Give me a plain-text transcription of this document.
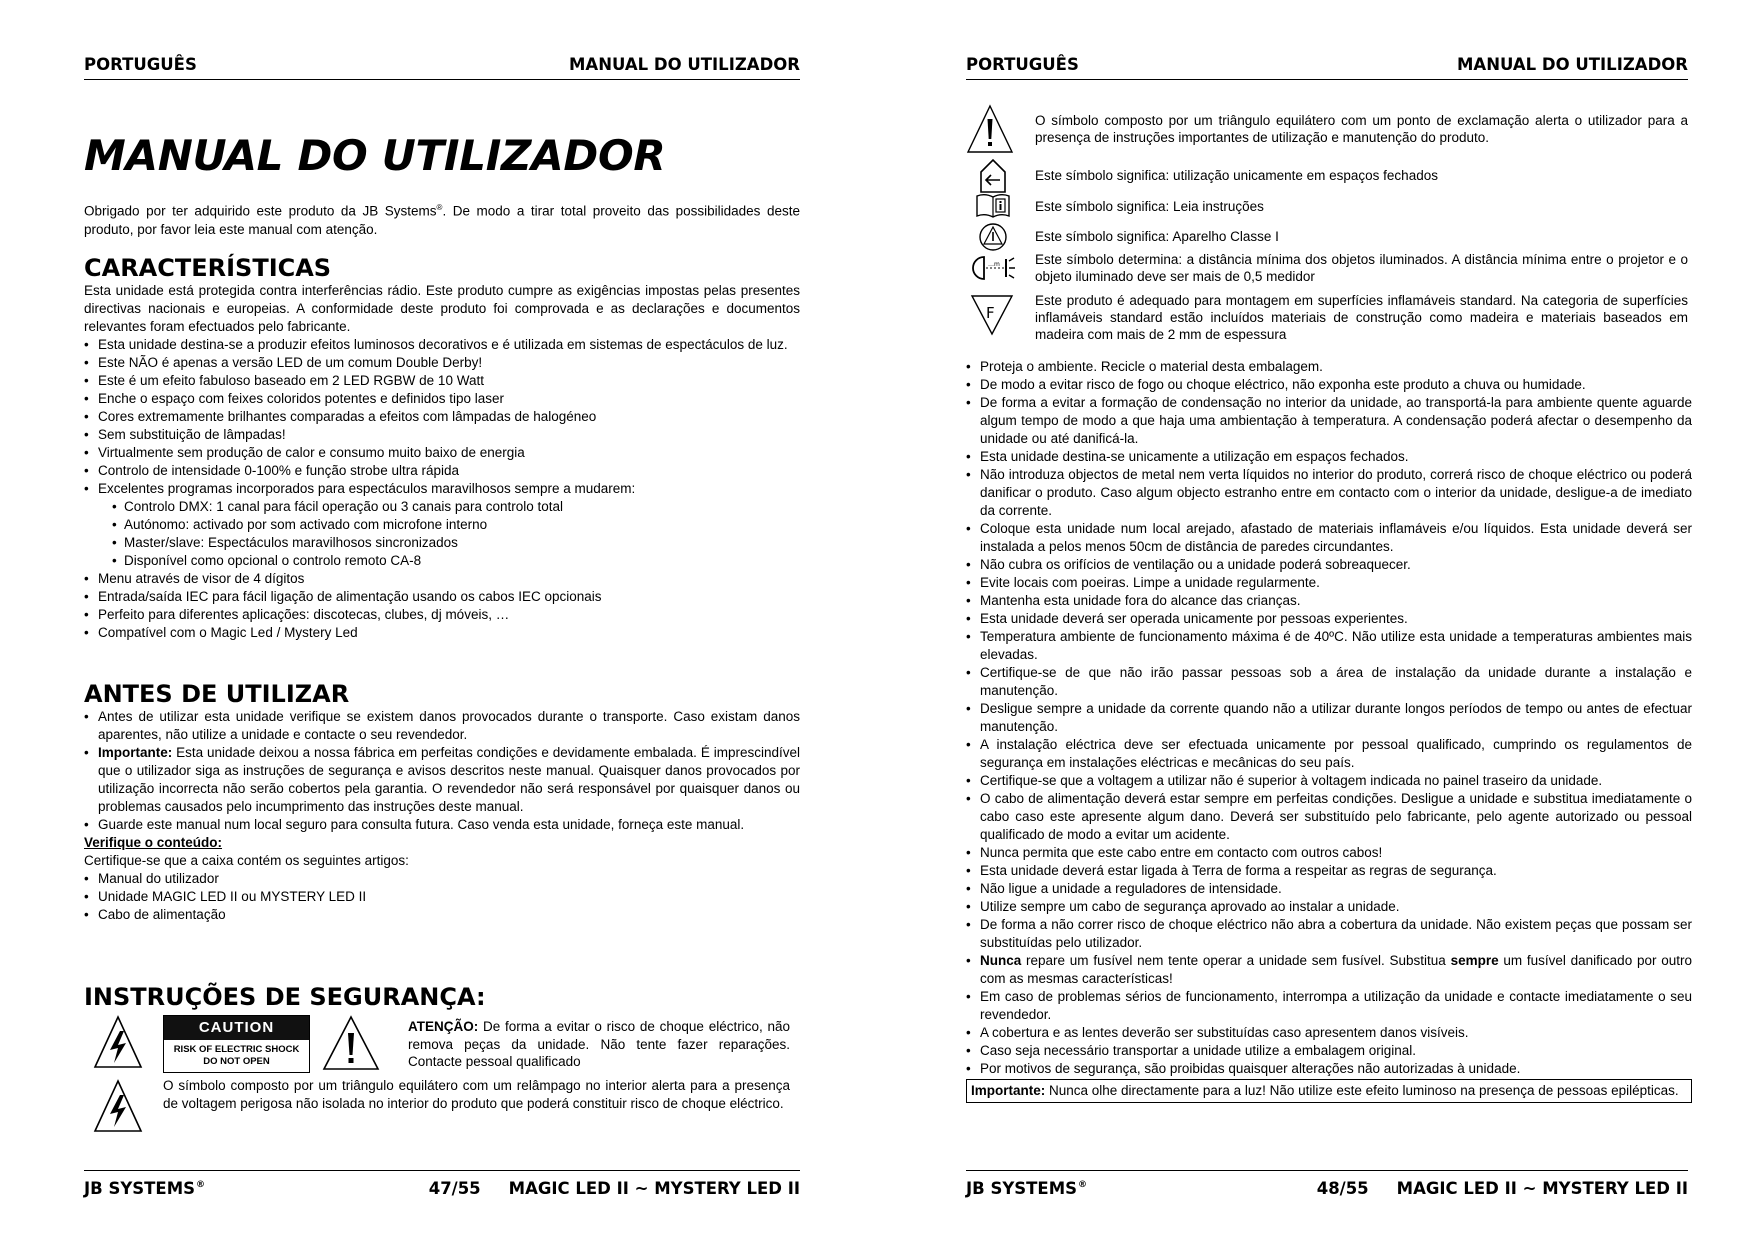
PORTUGUÊS	MANUAL DO UTILIZADOR
MANUAL DO UTILIZADOR
Obrigado por ter adquirido este produto da JB Systems®. De modo a tirar total proveito das possibilidades deste produto, por favor leia este manual com atenção.
CARACTERÍSTICAS
Esta unidade está protegida contra interferências rádio. Este produto cumpre as exigências impostas pelas presentes directivas nacionais e europeias. A conformidade deste produto foi comprovada e as declarações e documentos relevantes foram efectuados pelo fabricante.
• Esta unidade destina-se a produzir efeitos luminosos decorativos e é utilizada em sistemas de espectáculos de luz.
• Este NÃO é apenas a versão LED de um comum Double Derby!
• Este é um efeito fabuloso baseado em 2 LED RGBW de 10 Watt
• Enche o espaço com feixes coloridos potentes e definidos tipo laser
• Cores extremamente brilhantes comparadas a efeitos com lâmpadas de halogéneo
• Sem substituição de lâmpadas!
• Virtualmente sem produção de calor e consumo muito baixo de energia
• Controlo de intensidade 0-100% e função strobe ultra rápida
• Excelentes programas incorporados para espectáculos maravilhosos sempre a mudarem:
• Controlo DMX: 1 canal para fácil operação ou 3 canais para controlo total
• Autónomo: activado por som activado com microfone interno
• Master/slave: Espectáculos maravilhosos sincronizados
• Disponível como opcional o controlo remoto CA-8
• Menu através de visor de 4 dígitos
• Entrada/saída IEC para fácil ligação de alimentação usando os cabos IEC opcionais
• Perfeito para diferentes aplicações: discotecas, clubes, dj móveis, …
• Compatível com o Magic Led / Mystery Led
ANTES DE UTILIZAR
• Antes de utilizar esta unidade verifique se existem danos provocados durante o transporte. Caso existam danos aparentes, não utilize a unidade e contacte o seu revendedor.
• Importante: Esta unidade deixou a nossa fábrica em perfeitas condições e devidamente embalada. É imprescindível que o utilizador siga as instruções de segurança e avisos descritos neste manual. Quaisquer danos provocados por utilização incorrecta não serão cobertos pela garantia. O revendedor não será responsável por quaisquer danos ou problemas causados pelo incumprimento das instruções deste manual.
• Guarde este manual num local seguro para consulta futura. Caso venda esta unidade, forneça este manual.
Verifique o conteúdo:
Certifique-se que a caixa contém os seguintes artigos:
• Manual do utilizador
• Unidade MAGIC LED II ou MYSTERY LED II
• Cabo de alimentação
INSTRUÇÕES DE SEGURANÇA:
CAUTION
RISK OF ELECTRIC SHOCK
DO NOT OPEN
ATENÇÃO: De forma a evitar o risco de choque eléctrico, não remova peças da unidade. Não tente fazer reparações. Contacte pessoal qualificado
O símbolo composto por um triângulo equilátero com um relâmpago no interior alerta para a presença de voltagem perigosa não isolada no interior do produto que poderá constituir risco de choque eléctrico.
JB SYSTEMS®	47/55 MAGIC LED II ~ MYSTERY LED II
PORTUGUÊS	MANUAL DO UTILIZADOR
O símbolo composto por um triângulo equilátero com um ponto de exclamação alerta o utilizador para a presença de instruções importantes de utilização e manutenção do produto.
Este símbolo significa: utilização unicamente em espaços fechados
Este símbolo significa: Leia instruções
Este símbolo significa: Aparelho Classe I
…m	Este símbolo determina: a distância mínima dos objetos iluminados. A distância mínima entre o projetor e o objeto iluminado deve ser mais de 0,5 medidor
F
Este produto é adequado para montagem em superfícies inflamáveis standard. Na categoria de superfícies inflamáveis standard estão incluídos materiais de construção como madeira e materiais baseados em madeira com mais de 2 mm de espessura
• Proteja o ambiente. Recicle o material desta embalagem.
• De modo a evitar risco de fogo ou choque eléctrico, não exponha este produto a chuva ou humidade.
• De forma a evitar a formação de condensação no interior da unidade, ao transportá-la para ambiente quente aguarde algum tempo de modo a que haja uma ambientação à temperatura. A condensação poderá afectar o desempenho da unidade ou até danificá-la.
• Esta unidade destina-se unicamente a utilização em espaços fechados.
• Não introduza objectos de metal nem verta líquidos no interior do produto, correrá risco de choque eléctrico ou poderá danificar o produto. Caso algum objecto estranho entre em contacto com o interior da unidade, desligue-a de imediato da corrente.
• Coloque esta unidade num local arejado, afastado de materiais inflamáveis e/ou líquidos. Esta unidade deverá ser instalada a pelos menos 50cm de distância de paredes circundantes.
• Não cubra os orifícios de ventilação ou a unidade poderá sobreaquecer.
• Evite locais com poeiras. Limpe a unidade regularmente.
• Mantenha esta unidade fora do alcance das crianças.
• Esta unidade deverá ser operada unicamente por pessoas experientes.
• Temperatura ambiente de funcionamento máxima é de 40ºC. Não utilize esta unidade a temperaturas ambientes mais elevadas.
• Certifique-se de que não irão passar pessoas sob a área de instalação da unidade durante a instalação e manutenção.
• Desligue sempre a unidade da corrente quando não a utilizar durante longos períodos de tempo ou antes de efectuar manutenção.
• A instalação eléctrica deve ser efectuada unicamente por pessoal qualificado, cumprindo os regulamentos de segurança em instalações eléctricas e mecânicas do seu país.
• Certifique-se que a voltagem a utilizar não é superior à voltagem indicada no painel traseiro da unidade.
• O cabo de alimentação deverá estar sempre em perfeitas condições. Desligue a unidade e substitua imediatamente o cabo caso este apresente algum dano. Deverá ser substituído pelo fabricante, pelo agente autorizado ou pessoal qualificado de modo a evitar um acidente.
• Nunca permita que este cabo entre em contacto com outros cabos!
• Esta unidade deverá estar ligada à Terra de forma a respeitar as regras de segurança.
• Não ligue a unidade a reguladores de intensidade.
• Utilize sempre um cabo de segurança aprovado ao instalar a unidade.
• De forma a não correr risco de choque eléctrico não abra a cobertura da unidade. Não existem peças que possam ser substituídas pelo utilizador.
• Nunca repare um fusível nem tente operar a unidade sem fusível. Substitua sempre um fusível danificado por outro com as mesmas características!
• Em caso de problemas sérios de funcionamento, interrompa a utilização da unidade e contacte imediatamente o seu revendedor.
• A cobertura e as lentes deverão ser substituídas caso apresentem danos visíveis.
• Caso seja necessário transportar a unidade utilize a embalagem original.
• Por motivos de segurança, são proibidas quaisquer alterações não autorizadas à unidade.
Importante: Nunca olhe directamente para a luz! Não utilize este efeito luminoso na presença de pessoas epilépticas.
JB SYSTEMS®	48/55 MAGIC LED II ~ MYSTERY LED II
